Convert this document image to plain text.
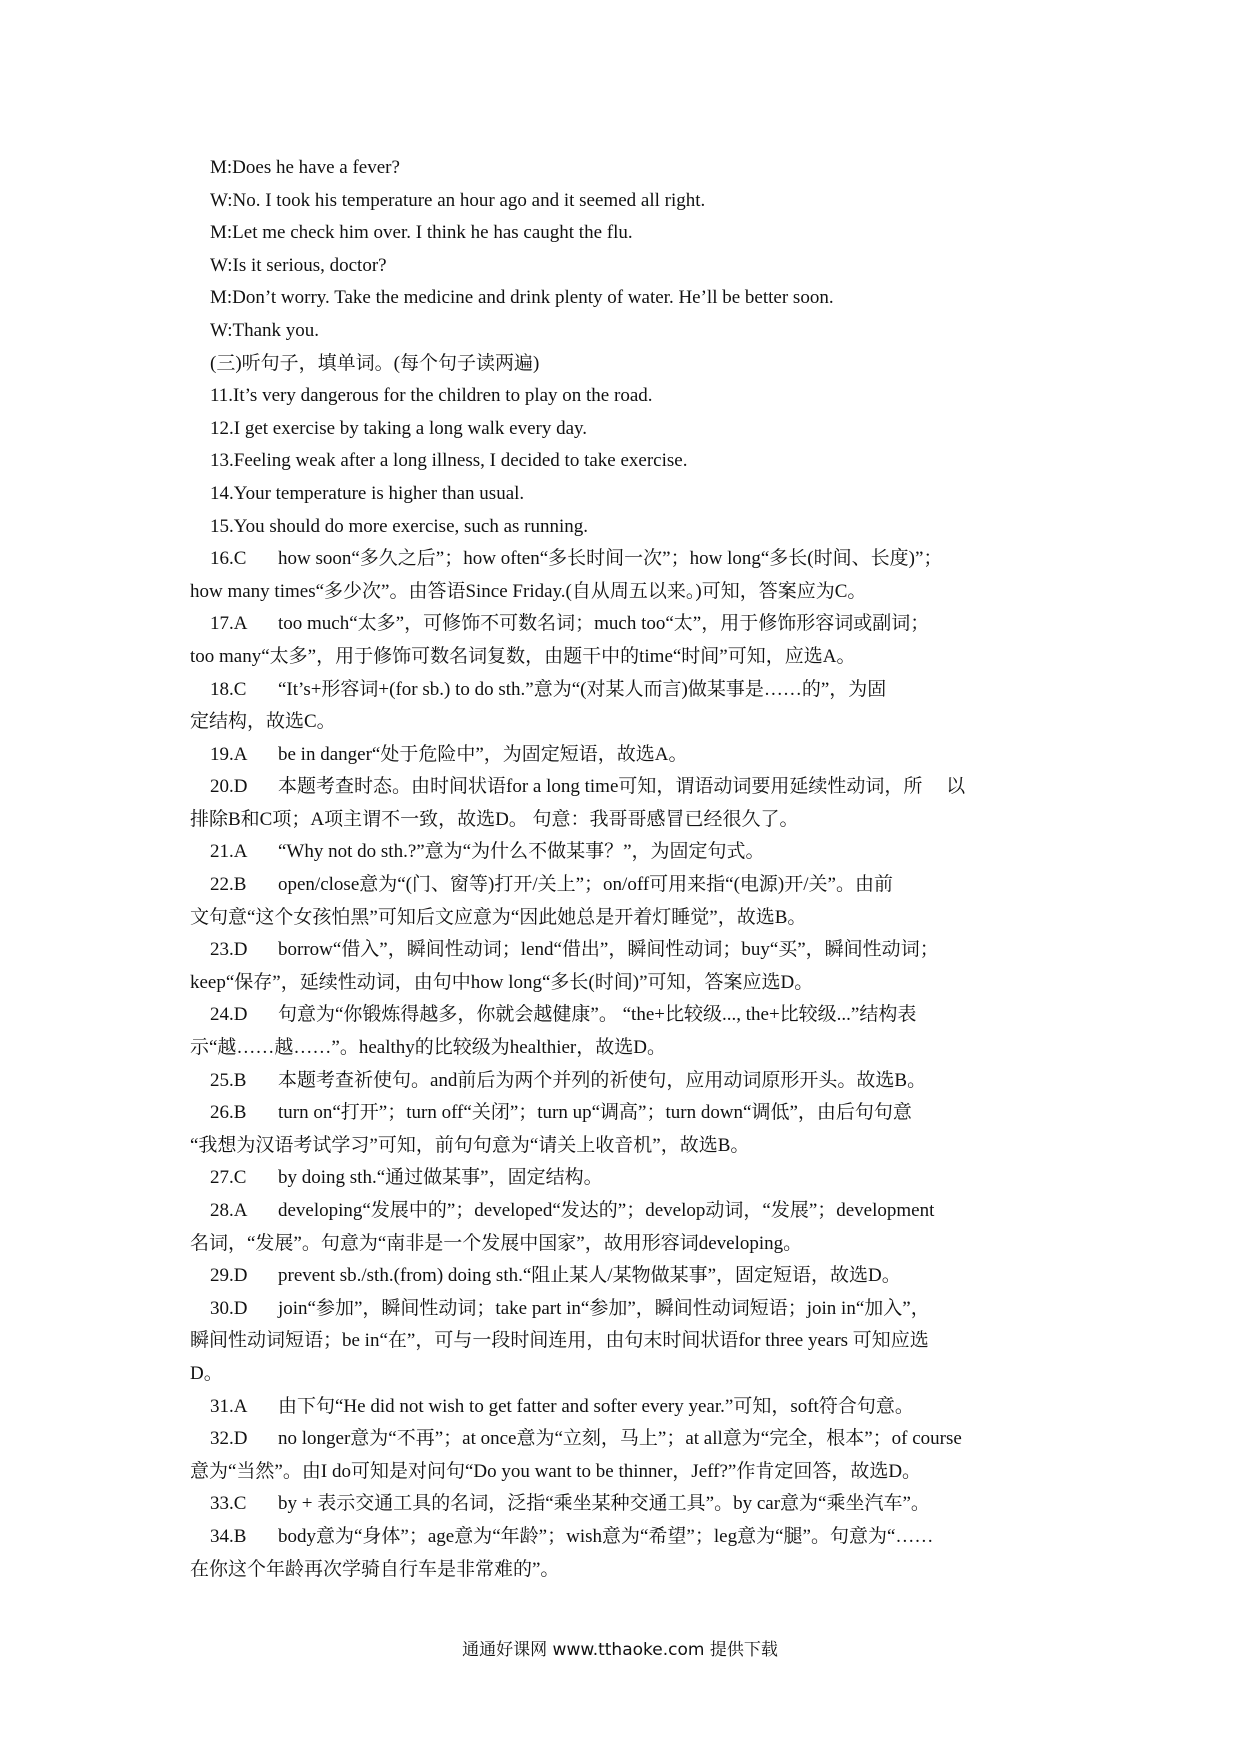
M:Does he have a fever?
W:No. I took his temperature an hour ago and it seemed all right.
M:Let me check him over. I think he has caught the flu.
W:Is it serious, doctor?
M:Don’t worry. Take the medicine and drink plenty of water. He’ll be better soon.
W:Thank you.
(三)听句子，填单词。(每个句子读两遍)
11.It’s very dangerous for the children to play on the road.
12.I get exercise by taking a long walk every day.
13.Feeling weak after a long illness, I decided to take exercise.
14.Your temperature is higher than usual.
15.You should do more exercise, such as running.
16.C how soon“多久之后”；how often“多长时间一次”；how long“多长(时间、长度)”；
how many times“多少次”。由答语Since Friday.(自从周五以来。)可知，答案应为C。
17.A too much“太多”，可修饰不可数名词；much too“太”，用于修饰形容词或副词；
too many“太多”，用于修饰可数名词复数，由题干中的time“时间”可知，应选A。
18.C “It’s+形容词+(for sb.) to do sth.”意为“(对某人而言)做某事是……的”，为固
定结构，故选C。
19.A be in danger“处于危险中”，为固定短语，故选A。
20.D 本题考查时态。由时间状语for a long time可知，谓语动词要用延续性动词，所　 以
排除B和C项；A项主谓不一致，故选D。 句意：我哥哥感冒已经很久了。
21.A “Why not do sth.?”意为“为什么不做某事？”，为固定句式。
22.B open/close意为“(门、窗等)打开/关上”；on/off可用来指“(电源)开/关”。由前
文句意“这个女孩怕黑”可知后文应意为“因此她总是开着灯睡觉”，故选B。
23.D borrow“借入”，瞬间性动词；lend“借出”，瞬间性动词；buy“买”，瞬间性动词；
keep“保存”，延续性动词，由句中how long“多长(时间)”可知，答案应选D。
24.D 句意为“你锻炼得越多，你就会越健康”。 “the+比较级..., the+比较级...”结构表
示“越……越……”。healthy的比较级为healthier，故选D。
25.B 本题考查祈使句。and前后为两个并列的祈使句，应用动词原形开头。故选B。
26.B turn on“打开”；turn off“关闭”；turn up“调高”；turn down“调低”，由后句句意
“我想为汉语考试学习”可知，前句句意为“请关上收音机”，故选B。
27.C by doing sth.“通过做某事”，固定结构。
28.A developing“发展中的”；developed“发达的”；develop动词，“发展”；development
名词，“发展”。句意为“南非是一个发展中国家”，故用形容词developing。
29.D prevent sb./sth.(from) doing sth.“阻止某人/某物做某事”，固定短语，故选D。
30.D join“参加”，瞬间性动词；take part in“参加”，瞬间性动词短语；join in“加入”，
瞬间性动词短语；be in“在”，可与一段时间连用，由句末时间状语for three years 可知应选
D。
31.A 由下句“He did not wish to get fatter and softer every year.”可知，soft符合句意。
32.D no longer意为“不再”；at once意为“立刻，马上”；at all意为“完全，根本”；of course
意为“当然”。由I do可知是对问句“Do you want to be thinner，Jeff?”作肯定回答，故选D。
33.C by + 表示交通工具的名词，泛指“乘坐某种交通工具”。by car意为“乘坐汽车”。
34.B body意为“身体”；age意为“年龄”；wish意为“希望”；leg意为“腿”。句意为“……
在你这个年龄再次学骑自行车是非常难的”。
通通好课网 www.tthaoke.com 提供下载
